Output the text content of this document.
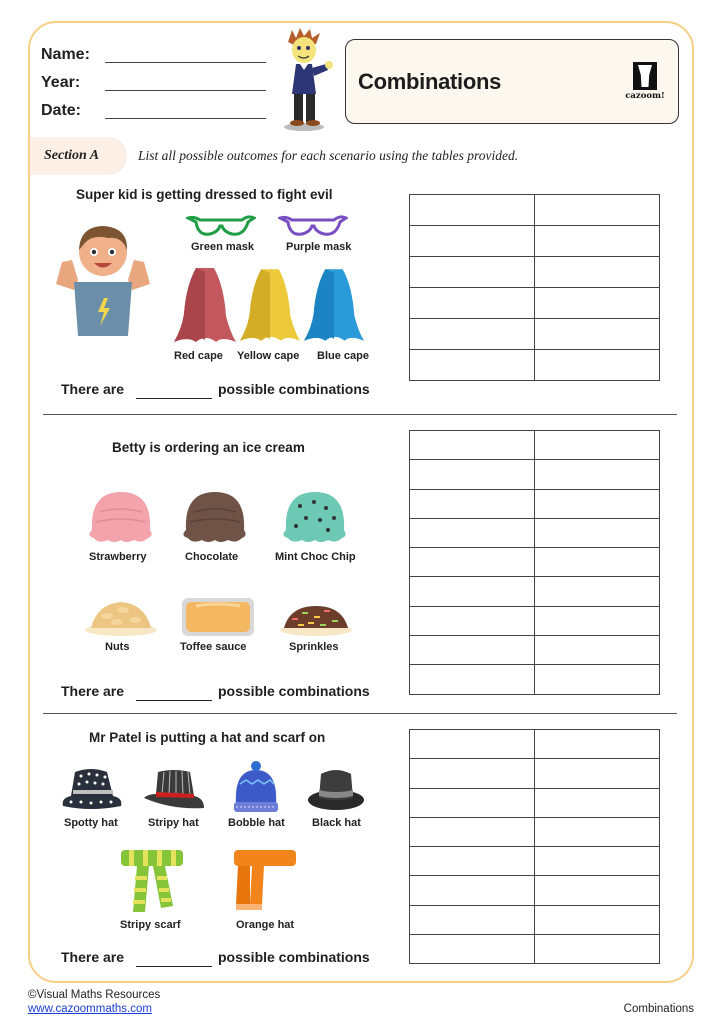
Name:
Year:
Date:
Combinations
cazoom!
Section A	List all possible outcomes for each scenario using the tables provided.
Super kid is getting dressed to fight evil
Green mask	Purple mask
Red cape Yellow cape Blue cape
There are	possible combinations

Betty is ordering an ice cream
Strawberry	Chocolate	Mint Choc Chip
Nuts	Toffee sauce	Sprinkles
There are	possible combinations

Mr Patel is putting a hat and scarf on
Spotty hat	Stripy hat	Bobble hat Black hat
Stripy scarf	Orange hat
There are	possible combinations

©Visual Maths Resources
www.cazoommaths.com	Combinations
